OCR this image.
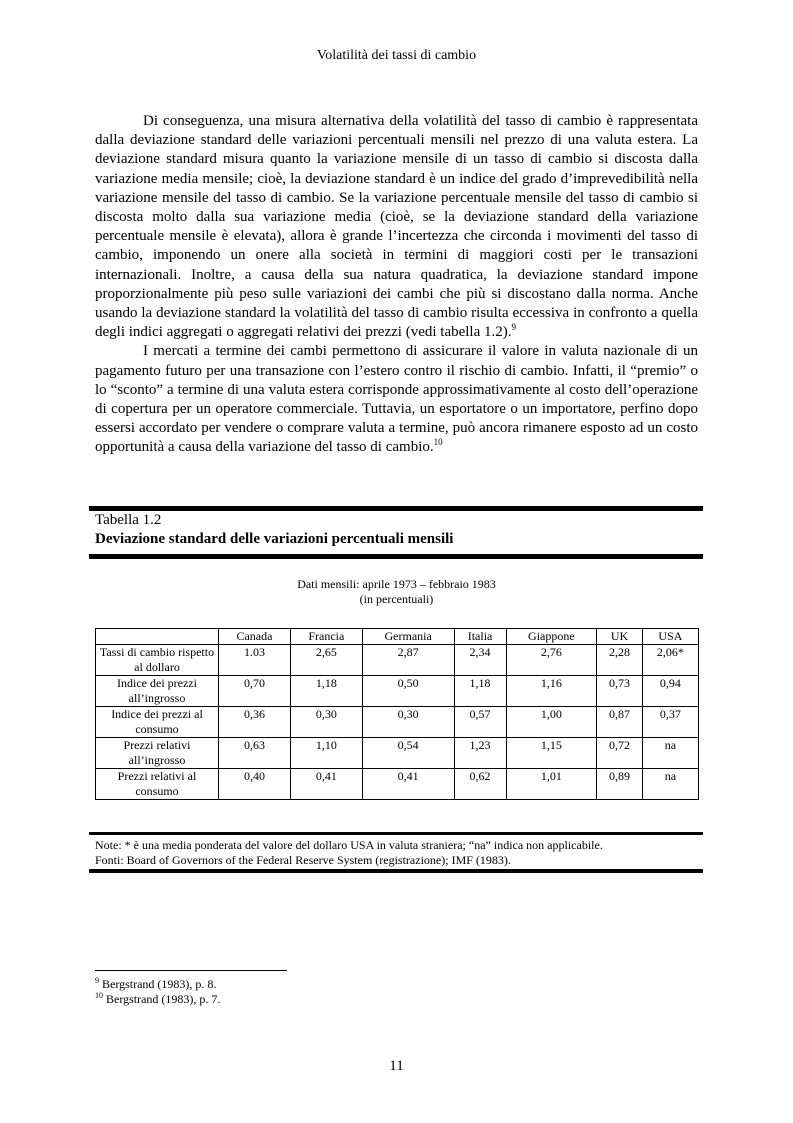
Volatilità dei tassi di cambio

Di conseguenza, una misura alternativa della volatilità del tasso di cambio è rappresentata dalla deviazione standard delle variazioni percentuali mensili nel prezzo di una valuta estera. La deviazione standard misura quanto la variazione mensile di un tasso di cambio si discosta dalla variazione media mensile; cioè, la deviazione standard è un indice del grado d’imprevedibilità nella variazione mensile del tasso di cambio. Se la variazione percentuale mensile del tasso di cambio si discosta molto dalla sua variazione media (cioè, se la deviazione standard della variazione percentuale mensile è elevata), allora è grande l’incertezza che circonda i movimenti del tasso di cambio, imponendo un onere alla società in termini di maggiori costi per le transazioni internazionali. Inoltre, a causa della sua natura quadratica, la deviazione standard impone proporzionalmente più peso sulle variazioni dei cambi che più si discostano dalla norma. Anche usando la deviazione standard la volatilità del tasso di cambio risulta eccessiva in confronto a quella degli indici aggregati o aggregati relativi dei prezzi (vedi tabella 1.2).$^9$

I mercati a termine dei cambi permettono di assicurare il valore in valuta nazionale di un pagamento futuro per una transazione con l’estero contro il rischio di cambio. Infatti, il “premio” o lo “sconto” a termine di una valuta estera corrisponde approssimativamente al costo dell’operazione di copertura per un operatore commerciale. Tuttavia, un esportatore o un importatore, perfino dopo essersi accordato per vendere o comprare valuta a termine, può ancora rimanere esposto ad un costo opportunità a causa della variazione del tasso di cambio.$^{10}$

Tabella 1.2
Deviazione standard delle variazioni percentuali mensili
Dati mensili: aprile 1973 – febbraio 1983
(in percentuali)
	Canada	Francia	Germania	Italia	Giappone	UK	USA
Tassi di cambio rispetto al dollaro	1.03	2,65	2,87	2,34	2,76	2,28	2,06*
Indice dei prezzi all’ingrosso	0,70	1,18	0,50	1,18	1,16	0,73	0,94
Indice dei prezzi al consumo	0,36	0,30	0,30	0,57	1,00	0,87	0,37
Prezzi relativi all’ingrosso	0,63	1,10	0,54	1,23	1,15	0,72	na
Prezzi relativi al consumo	0,40	0,41	0,41	0,62	1,01	0,89	na
Note: * è una media ponderata del valore del dollaro USA in valuta straniera; “na” indica non applicabile.
Fonti: Board of Governors of the Federal Reserve System (registrazione); IMF (1983).
$^9$ Bergstrand (1983), p. 8.
$^{10}$ Bergstrand (1983), p. 7.
11
